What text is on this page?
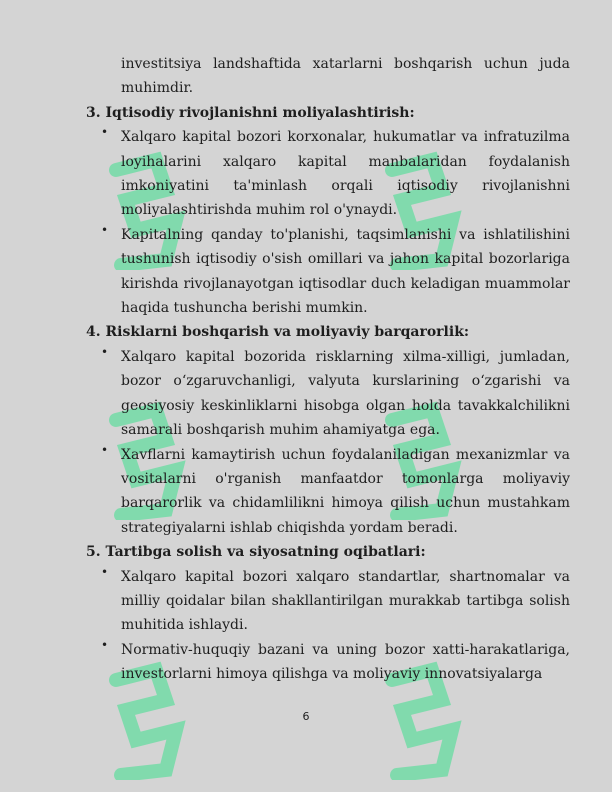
investitsiya landshaftida xatarlarni boshqarish uchun juda muhimdir.

3. Iqtisodiy rivojlanishni moliyalashtirish:

• Xalqaro kapital bozori korxonalar, hukumatlar va infratuzilma loyihalarini xalqaro kapital manbalaridan foydalanish imkoniyatini ta'minlash orqali iqtisodiy rivojlanishni moliyalashtirishda muhim rol o'ynaydi.

• Kapitalning qanday to'planishi, taqsimlanishi va ishlatilishini tushunish iqtisodiy o'sish omillari va jahon kapital bozorlariga kirishda rivojlanayotgan iqtisodlar duch keladigan muammolar haqida tushuncha berishi mumkin.

4. Risklarni boshqarish va moliyaviy barqarorlik:

• Xalqaro kapital bozorida risklarning xilma-xilligi, jumladan, bozor o‘zgaruvchanligi, valyuta kurslarining o‘zgarishi va geosiyosiy keskinliklarni hisobga olgan holda tavakkalchilikni samarali boshqarish muhim ahamiyatga ega.

• Xavflarni kamaytirish uchun foydalaniladigan mexanizmlar va vositalarni o'rganish manfaatdor tomonlarga moliyaviy barqarorlik va chidamlilikni himoya qilish uchun mustahkam strategiyalarni ishlab chiqishda yordam beradi.

5. Tartibga solish va siyosatning oqibatlari:

• Xalqaro kapital bozori xalqaro standartlar, shartnomalar va milliy qoidalar bilan shakllantirilgan murakkab tartibga solish muhitida ishlaydi.

• Normativ-huquqiy bazani va uning bozor xatti-harakatlariga, investorlarni himoya qilishga va moliyaviy innovatsiyalarga

6
